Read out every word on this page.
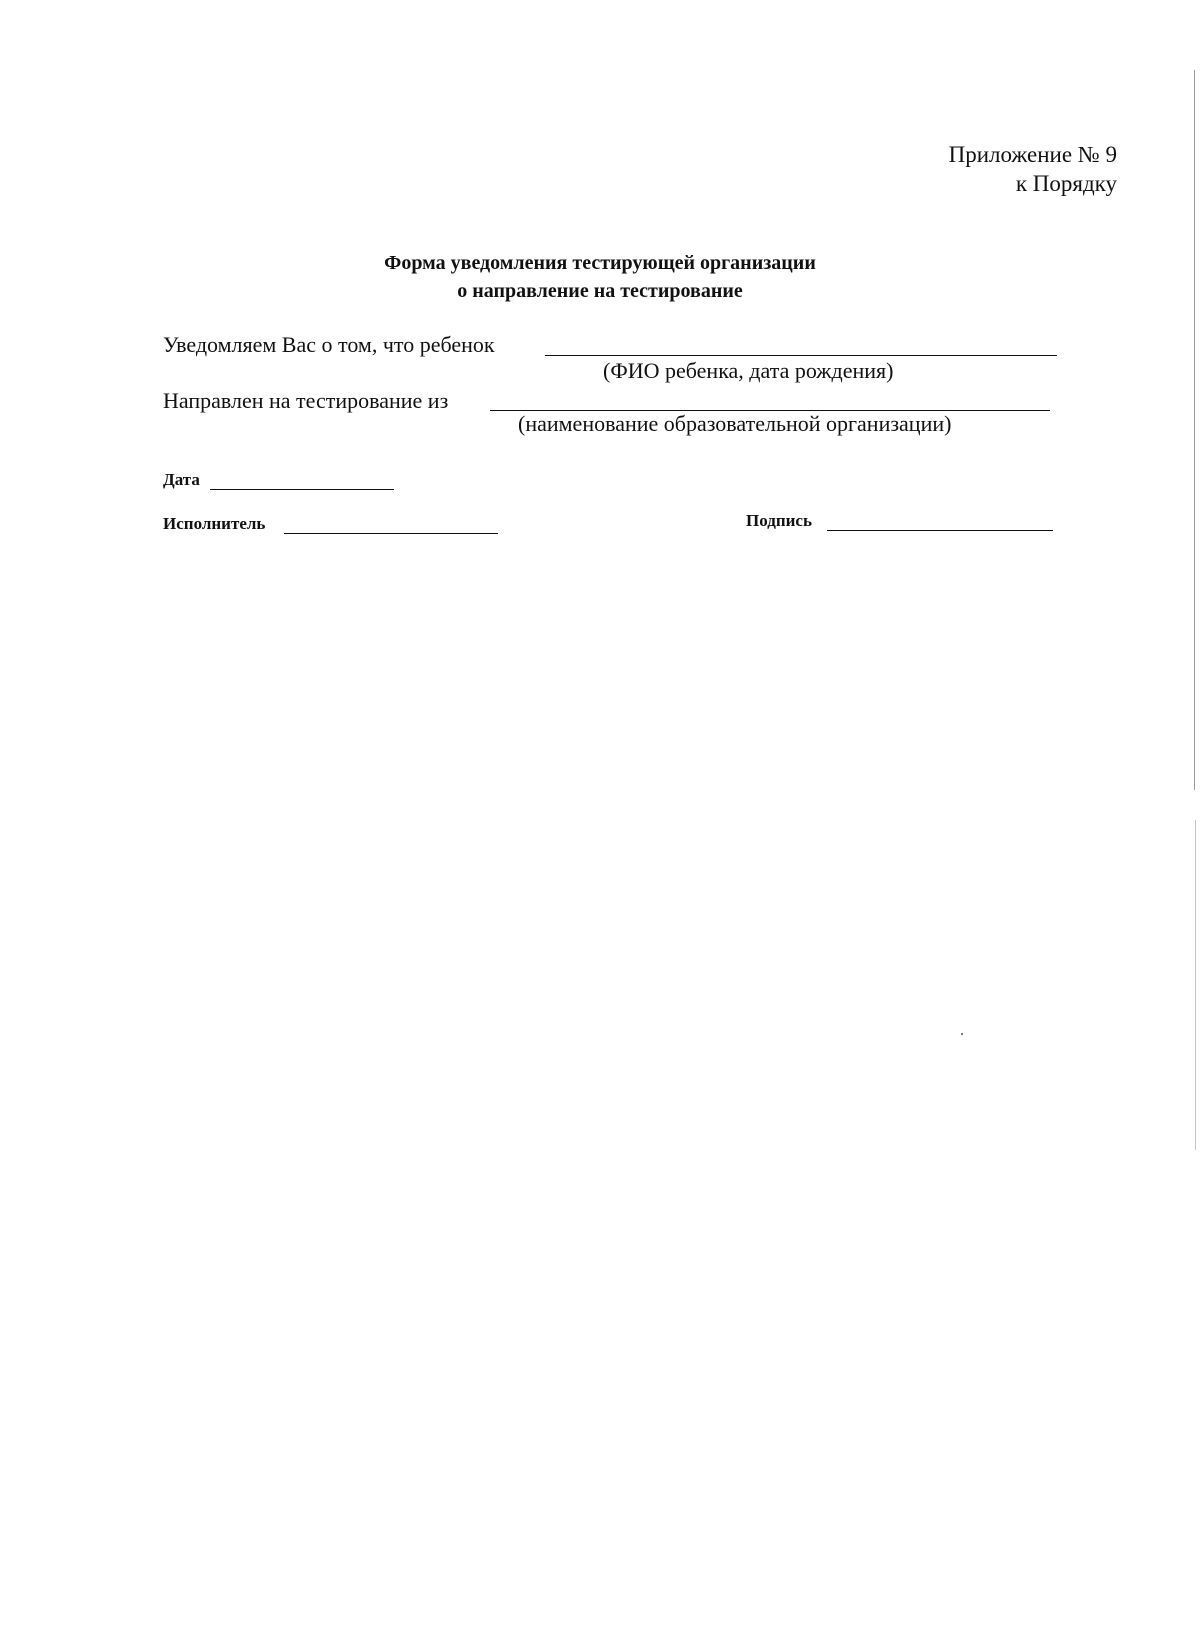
Приложение № 9
к Порядку
Форма уведомления тестирующей организации
о направление на тестирование
Уведомляем Вас о том, что ребенок
(ФИО ребенка, дата рождения)
Направлен на тестирование из
(наименование образовательной организации)
Дата
Исполнитель	Подпись
